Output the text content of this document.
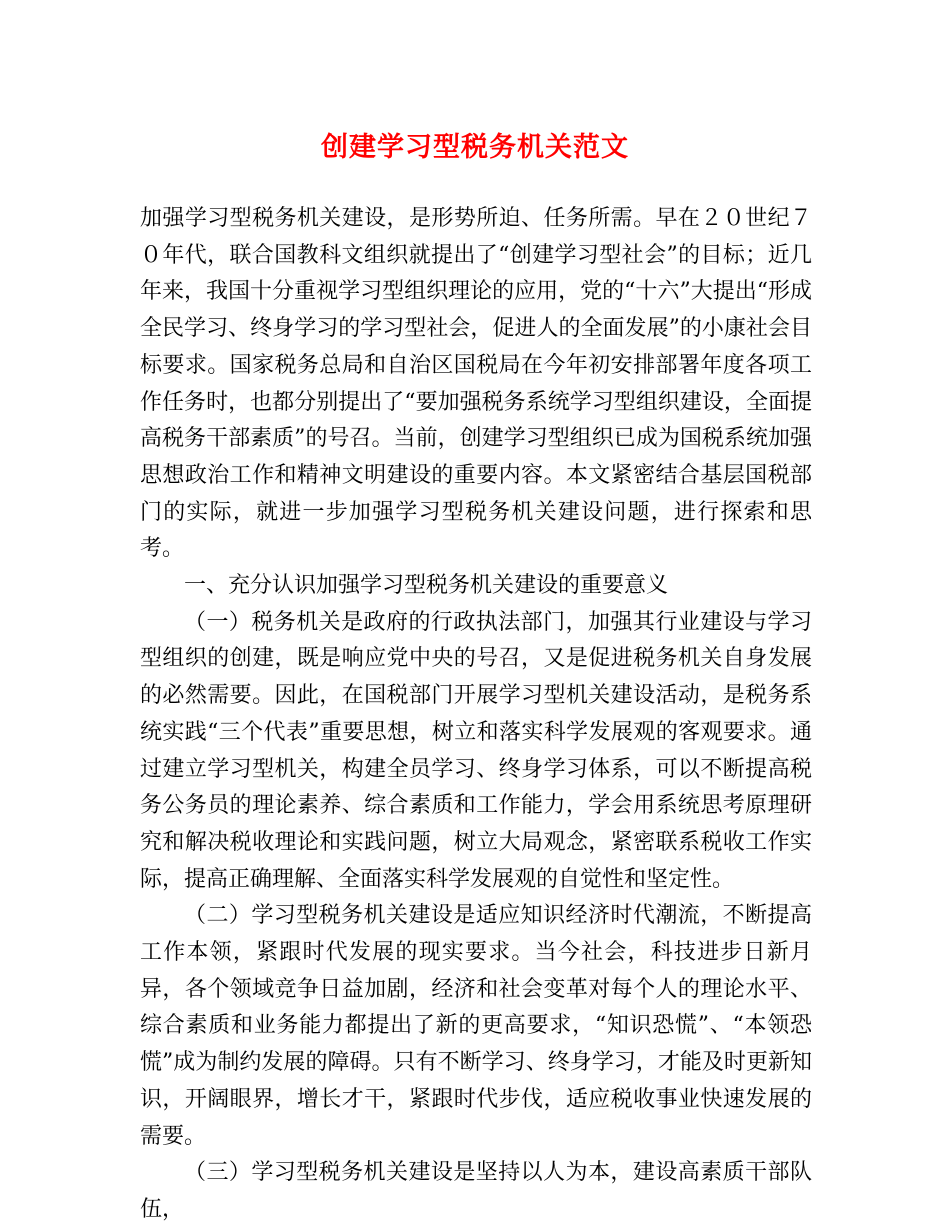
创建学习型税务机关范文

加强学习型税务机关建设，是形势所迫、任务所需。早在２０世纪７０年代，联合国教科文组织就提出了“创建学习型社会”的目标；近几年来，我国十分重视学习型组织理论的应用，党的“十六”大提出“形成全民学习、终身学习的学习型社会，促进人的全面发展”的小康社会目标要求。国家税务总局和自治区国税局在今年初安排部署年度各项工作任务时，也都分别提出了“要加强税务系统学习型组织建设，全面提高税务干部素质”的号召。当前，创建学习型组织已成为国税系统加强思想政治工作和精神文明建设的重要内容。本文紧密结合基层国税部门的实际，就进一步加强学习型税务机关建设问题，进行探索和思考。

一、充分认识加强学习型税务机关建设的重要意义

（一）税务机关是政府的行政执法部门，加强其行业建设与学习型组织的创建，既是响应党中央的号召，又是促进税务机关自身发展的必然需要。因此，在国税部门开展学习型机关建设活动，是税务系统实践“三个代表”重要思想，树立和落实科学发展观的客观要求。通过建立学习型机关，构建全员学习、终身学习体系，可以不断提高税务公务员的理论素养、综合素质和工作能力，学会用系统思考原理研究和解决税收理论和实践问题，树立大局观念，紧密联系税收工作实际，提高正确理解、全面落实科学发展观的自觉性和坚定性。

（二）学习型税务机关建设是适应知识经济时代潮流，不断提高工作本领，紧跟时代发展的现实要求。当今社会，科技进步日新月异，各个领域竞争日益加剧，经济和社会变革对每个人的理论水平、综合素质和业务能力都提出了新的更高要求，“知识恐慌”、“本领恐慌”成为制约发展的障碍。只有不断学习、终身学习，才能及时更新知识，开阔眼界，增长才干，紧跟时代步伐，适应税收事业快速发展的需要。

（三）学习型税务机关建设是坚持以人为本，建设高素质干部队伍，
